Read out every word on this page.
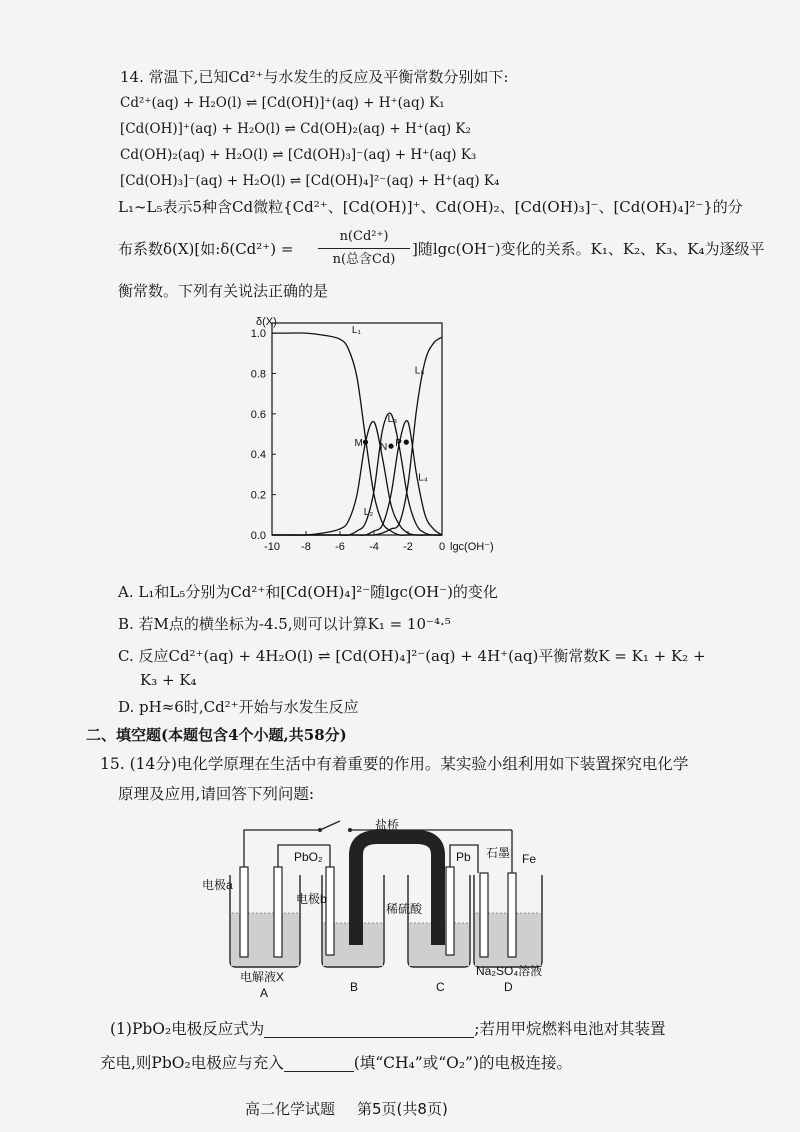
14. 常温下,已知Cd²⁺与水发生的反应及平衡常数分别如下:
Cd²⁺(aq) + H₂O(l) ⇌ [Cd(OH)]⁺(aq) + H⁺(aq) K₁
[Cd(OH)]⁺(aq) + H₂O(l) ⇌ Cd(OH)₂(aq) + H⁺(aq) K₂
Cd(OH)₂(aq) + H₂O(l) ⇌ [Cd(OH)₃]⁻(aq) + H⁺(aq) K₃
[Cd(OH)₃]⁻(aq) + H₂O(l) ⇌ [Cd(OH)₄]²⁻(aq) + H⁺(aq) K₄
L₁~L₅表示5种含Cd微粒{Cd²⁺、[Cd(OH)]⁺、Cd(OH)₂、[Cd(OH)₃]⁻、[Cd(OH)₄]²⁻}的分
布系数δ(X)[如:δ(Cd²⁺) =
n(Cd²⁺)
n(总含Cd)
]随lgc(OH⁻)变化的关系。K₁、K₂、K₃、K₄为逐级平
衡常数。下列有关说法正确的是
0.0
0.2
0.4
0.6
0.8
1.0
-10 -8 -6 -4 -2 0
δ(X)
lgc(OH⁻)
L₁
L₂
L₃
L₄
L₅
M N P
A. L₁和L₅分别为Cd²⁺和[Cd(OH)₄]²⁻随lgc(OH⁻)的变化
B. 若M点的横坐标为-4.5,则可以计算K₁ = 10⁻⁴·⁵
C. 反应Cd²⁺(aq) + 4H₂O(l) ⇌ [Cd(OH)₄]²⁻(aq) + 4H⁺(aq)平衡常数K = K₁ + K₂ +
K₃ + K₄
D. pH≈6时,Cd²⁺开始与水发生反应
二、填空题(本题包含4个小题,共58分)
15. (14分)电化学原理在生活中有着重要的作用。某实验小组利用如下装置探究电化学
原理及应用,请回答下列问题:
PbO₂
盐桥
Pb 石墨 Fe
稀硫酸
电极a
电极b
电解液X	Na₂SO₄溶液
A	B	C	D
(1)PbO₂电极反应式为	;若用甲烷燃料电池对其装置
充电,则PbO₂电极应与充入	(填“CH₄”或“O₂”)的电极连接。
高二化学试题 第5页(共8页)
